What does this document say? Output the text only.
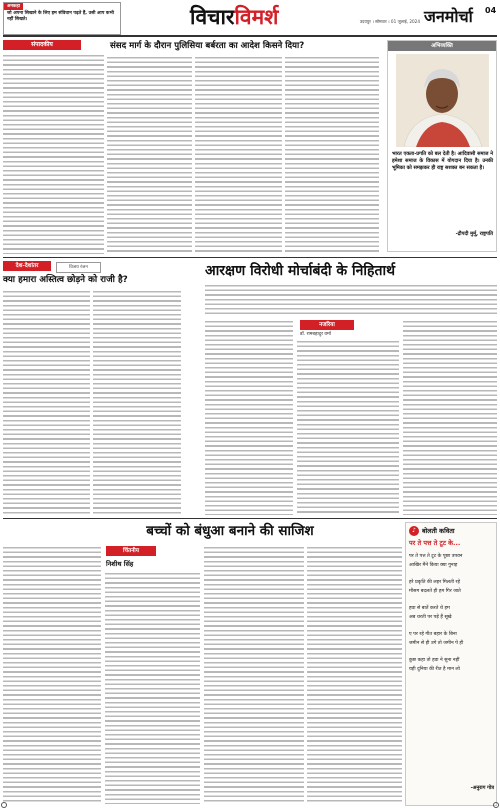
अनकहा
जो अपना सिखाने के लिए हम संविधान पढ़ते हैं, उसी आप कभी नहीं सिखते।	विचारविमर्श	उदयपुर । सोमवार । 01 जुलाई, 2024 जनमोर्चा	04
संपादकीय	संसद मार्ग के दौरान पुलिसिया बर्बरता का आदेश किसने दिया?	अभिव्यक्ति
भारत एकता-प्रगति को बल देती है। आदिवासी समाज ने हमेशा समाज के विकास में योगदान दिया है। उनकी भूमिका को समझकर ही राष्ट्र सशक्त बन सकता है।
-द्रौपदी मुर्मू, राष्ट्रपति
देश-देशांतर	विजय रंजन
क्या हमारा अस्तित्व छोड़ने को राजी है?
आरक्षण विरोधी मोर्चाबंदी के निहितार्थ
नजरिया
डॉ. रामबहादुर वर्मा
बच्चों को बंधुआ बनाने की साजिश
चिंतनीय
निशीथ सिंह
♪ बोलती कविता
पर ते पत्त ते टूट के...
पर ते पत्त ते टूट के पूछा उपवन
आखिर मैंने किया क्या गुनाह
हरे प्रकृति की लहर मिलती रहे
मौसम बदलते ही हम गिर जाते
हवा से बातें करते थे हम
अब धरती पर पड़े हैं सूखे
ए पर रहे गीत बहार के बिना
जमीन से ही उगे तो जमीन पे ही
कुछ कहा तो हवा ने सुना नहीं
यही दुनिया की रीत है मान लो
-अनुराग गोत्र
